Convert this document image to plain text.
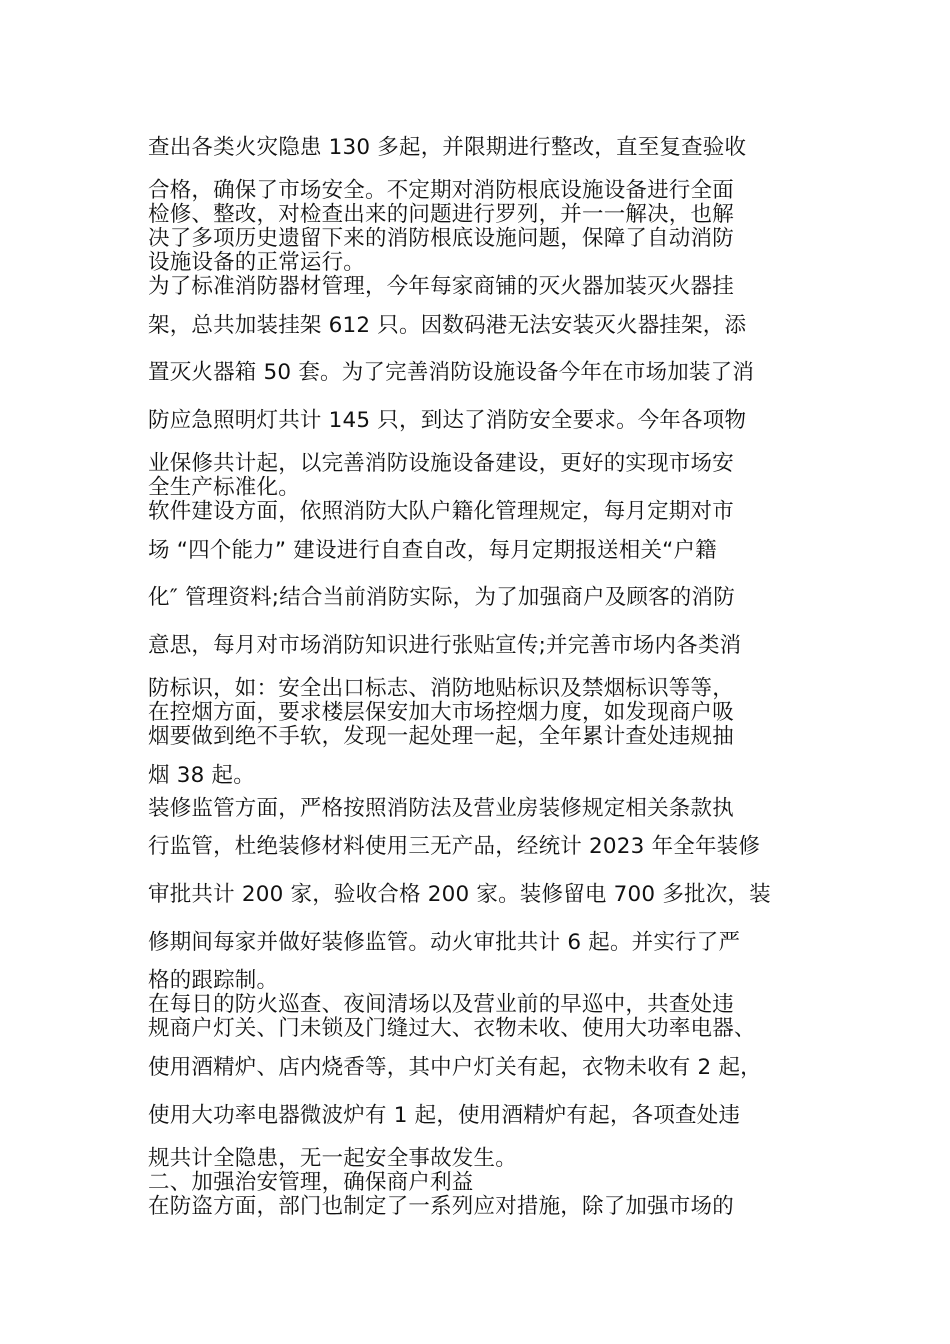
查出各类火灾隐患 130 多起，并限期进行整改，直至复查验收
合格，确保了市场安全。不定期对消防根底设施设备进行全面
检修、整改，对检查出来的问题进行罗列，并一一解决，也解
决了多项历史遗留下来的消防根底设施问题，保障了自动消防
设施设备的正常运行。
为了标准消防器材管理，今年每家商铺的灭火器加装灭火器挂
架，总共加装挂架 612 只。因数码港无法安装灭火器挂架，添
置灭火器箱 50 套。为了完善消防设施设备今年在市场加装了消
防应急照明灯共计 145 只，到达了消防安全要求。今年各项物
业保修共计起，以完善消防设施设备建设，更好的实现市场安
全生产标准化。
软件建设方面，依照消防大队户籍化管理规定，每月定期对市
场 “四个能力” 建设进行自查自改，每月定期报送相关“户籍
化″ 管理资料;结合当前消防实际，为了加强商户及顾客的消防
意思，每月对市场消防知识进行张贴宣传;并完善市场内各类消
防标识，如：安全出口标志、消防地贴标识及禁烟标识等等，
在控烟方面，要求楼层保安加大市场控烟力度，如发现商户吸
烟要做到绝不手软，发现一起处理一起，全年累计查处违规抽
烟 38 起。
装修监管方面，严格按照消防法及营业房装修规定相关条款执
行监管，杜绝装修材料使用三无产品，经统计 2023 年全年装修
审批共计 200 家，验收合格 200 家。装修留电 700 多批次，装
修期间每家并做好装修监管。动火审批共计 6 起。并实行了严
格的跟踪制。
在每日的防火巡查、夜间清场以及营业前的早巡中，共查处违
规商户灯关、门未锁及门缝过大、衣物未收、使用大功率电器、
使用酒精炉、店内烧香等，其中户灯关有起，衣物未收有 2 起，
使用大功率电器微波炉有 1 起，使用酒精炉有起，各项查处违
规共计全隐患，无一起安全事故发生。
二、加强治安管理，确保商户利益
在防盗方面，部门也制定了一系列应对措施，除了加强市场的
